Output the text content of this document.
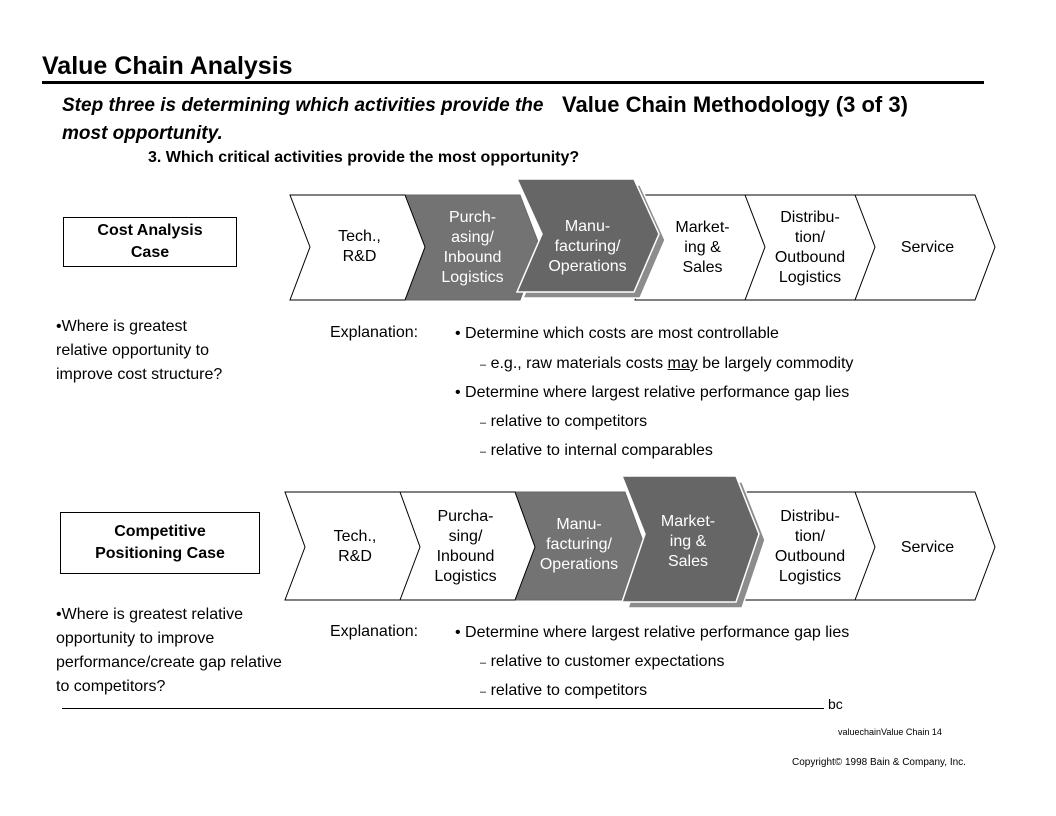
Value Chain Analysis
Step three is determining which activities provide the most opportunity.
Value Chain Methodology (3 of 3)
3. Which critical activities provide the most opportunity?
Cost Analysis
Case
•Where is greatest relative opportunity to improve cost structure?
Tech.,
R&D
Purch-
asing/
Inbound
Logistics
Manu-
facturing/
Operations
Market-
ing &
Sales
Distribu-
tion/
Outbound
Logistics
Service
Explanation: • Determine which costs are most controllable
– e.g., raw materials costs may be largely commodity
• Determine where largest relative performance gap lies
– relative to competitors
– relative to internal comparables
Competitive
Positioning Case
•Where is greatest relative opportunity to improve performance/create gap relative to competitors?
Tech.,
R&D
Purcha-
sing/
Inbound
Logistics
Manu-
facturing/
Operations
Market-
ing &
Sales
Distribu-
tion/
Outbound
Logistics
Service
Explanation: • Determine where largest relative performance gap lies
– relative to customer expectations
– relative to competitors
bc
valuechainValue Chain 14
Copyright© 1998 Bain & Company, Inc.
